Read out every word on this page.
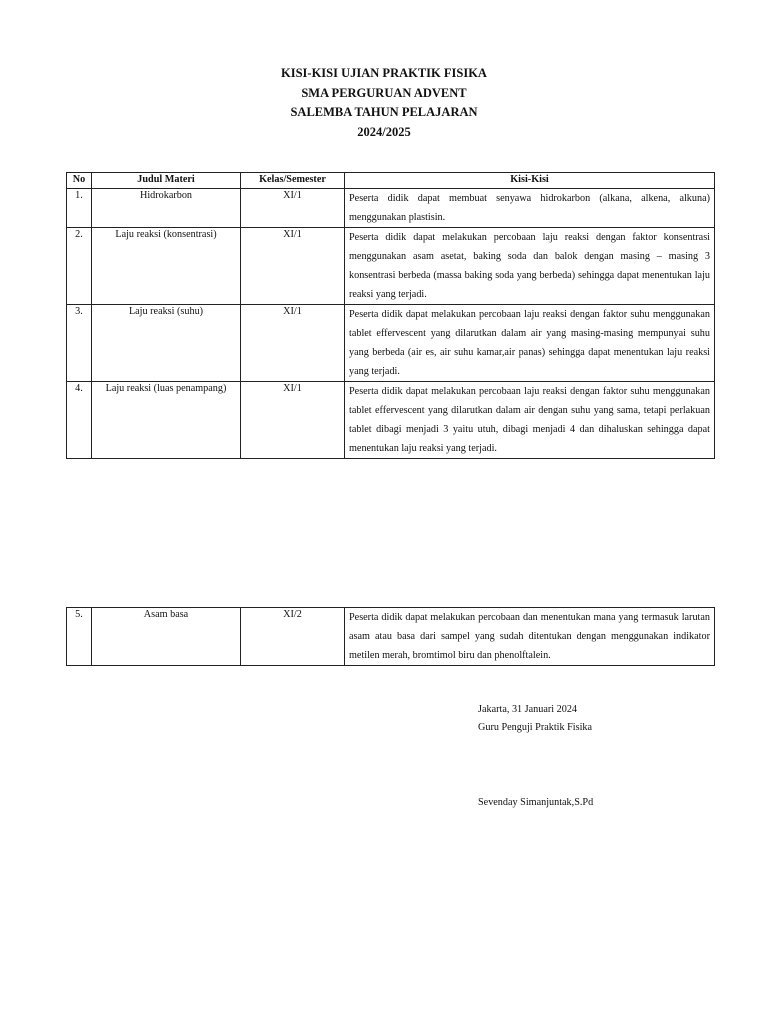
KISI-KISI UJIAN PRAKTIK FISIKA
SMA PERGURUAN ADVENT
SALEMBA TAHUN PELAJARAN
2024/2025
No	Judul Materi	Kelas/Semester	Kisi-Kisi
1.	Hidrokarbon	XI/1	Peserta didik dapat membuat senyawa hidrokarbon (alkana, alkena, alkuna) menggunakan plastisin.
2.	Laju reaksi (konsentrasi)	XI/1	Peserta didik dapat melakukan percobaan laju reaksi dengan faktor konsentrasi menggunakan asam asetat, baking soda dan balok dengan masing – masing 3 konsentrasi berbeda (massa baking soda yang berbeda) sehingga dapat menentukan laju reaksi yang terjadi.
3.	Laju reaksi (suhu)	XI/1	Peserta didik dapat melakukan percobaan laju reaksi dengan faktor suhu menggunakan tablet effervescent yang dilarutkan dalam air yang masing-masing mempunyai suhu yang berbeda (air es, air suhu kamar,air panas) sehingga dapat menentukan laju reaksi yang terjadi.
4.	Laju reaksi (luas penampang)	XI/1	Peserta didik dapat melakukan percobaan laju reaksi dengan faktor suhu menggunakan tablet effervescent yang dilarutkan dalam air dengan suhu yang sama, tetapi perlakuan tablet dibagi menjadi 3 yaitu utuh, dibagi menjadi 4 dan dihaluskan sehingga dapat menentukan laju reaksi yang terjadi.
5.	Asam basa	XI/2	Peserta didik dapat melakukan percobaan dan menentukan mana yang termasuk larutan asam atau basa dari sampel yang sudah ditentukan dengan menggunakan indikator metilen merah, bromtimol biru dan phenolftalein.
Jakarta, 31 Januari 2024
Guru Penguji Praktik Fisika
Sevenday Simanjuntak,S.Pd
